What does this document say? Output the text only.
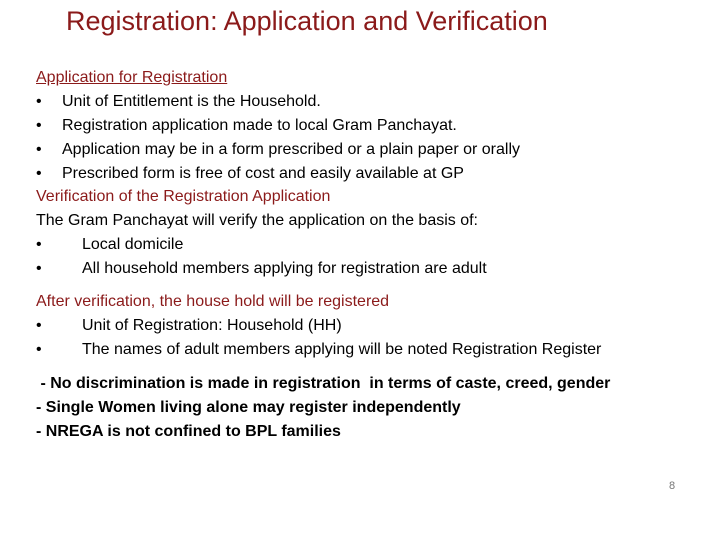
Registration: Application and Verification
Application for Registration
•	Unit of Entitlement is the Household.
•	Registration application made to local Gram Panchayat.
•	Application may be in a form prescribed or a plain paper or orally
•	Prescribed form is free of cost and easily available at GP
Verification of the Registration Application
The Gram Panchayat will verify the application on the basis of:
•	Local domicile
•	All household members applying for registration are adult
After verification, the house hold will be registered
•	Unit of Registration: Household (HH)
•	The names of adult members applying will be noted Registration Register
- No discrimination is made in registration  in terms of caste, creed, gender
- Single Women living alone may register independently
- NREGA is not confined to BPL families
8
